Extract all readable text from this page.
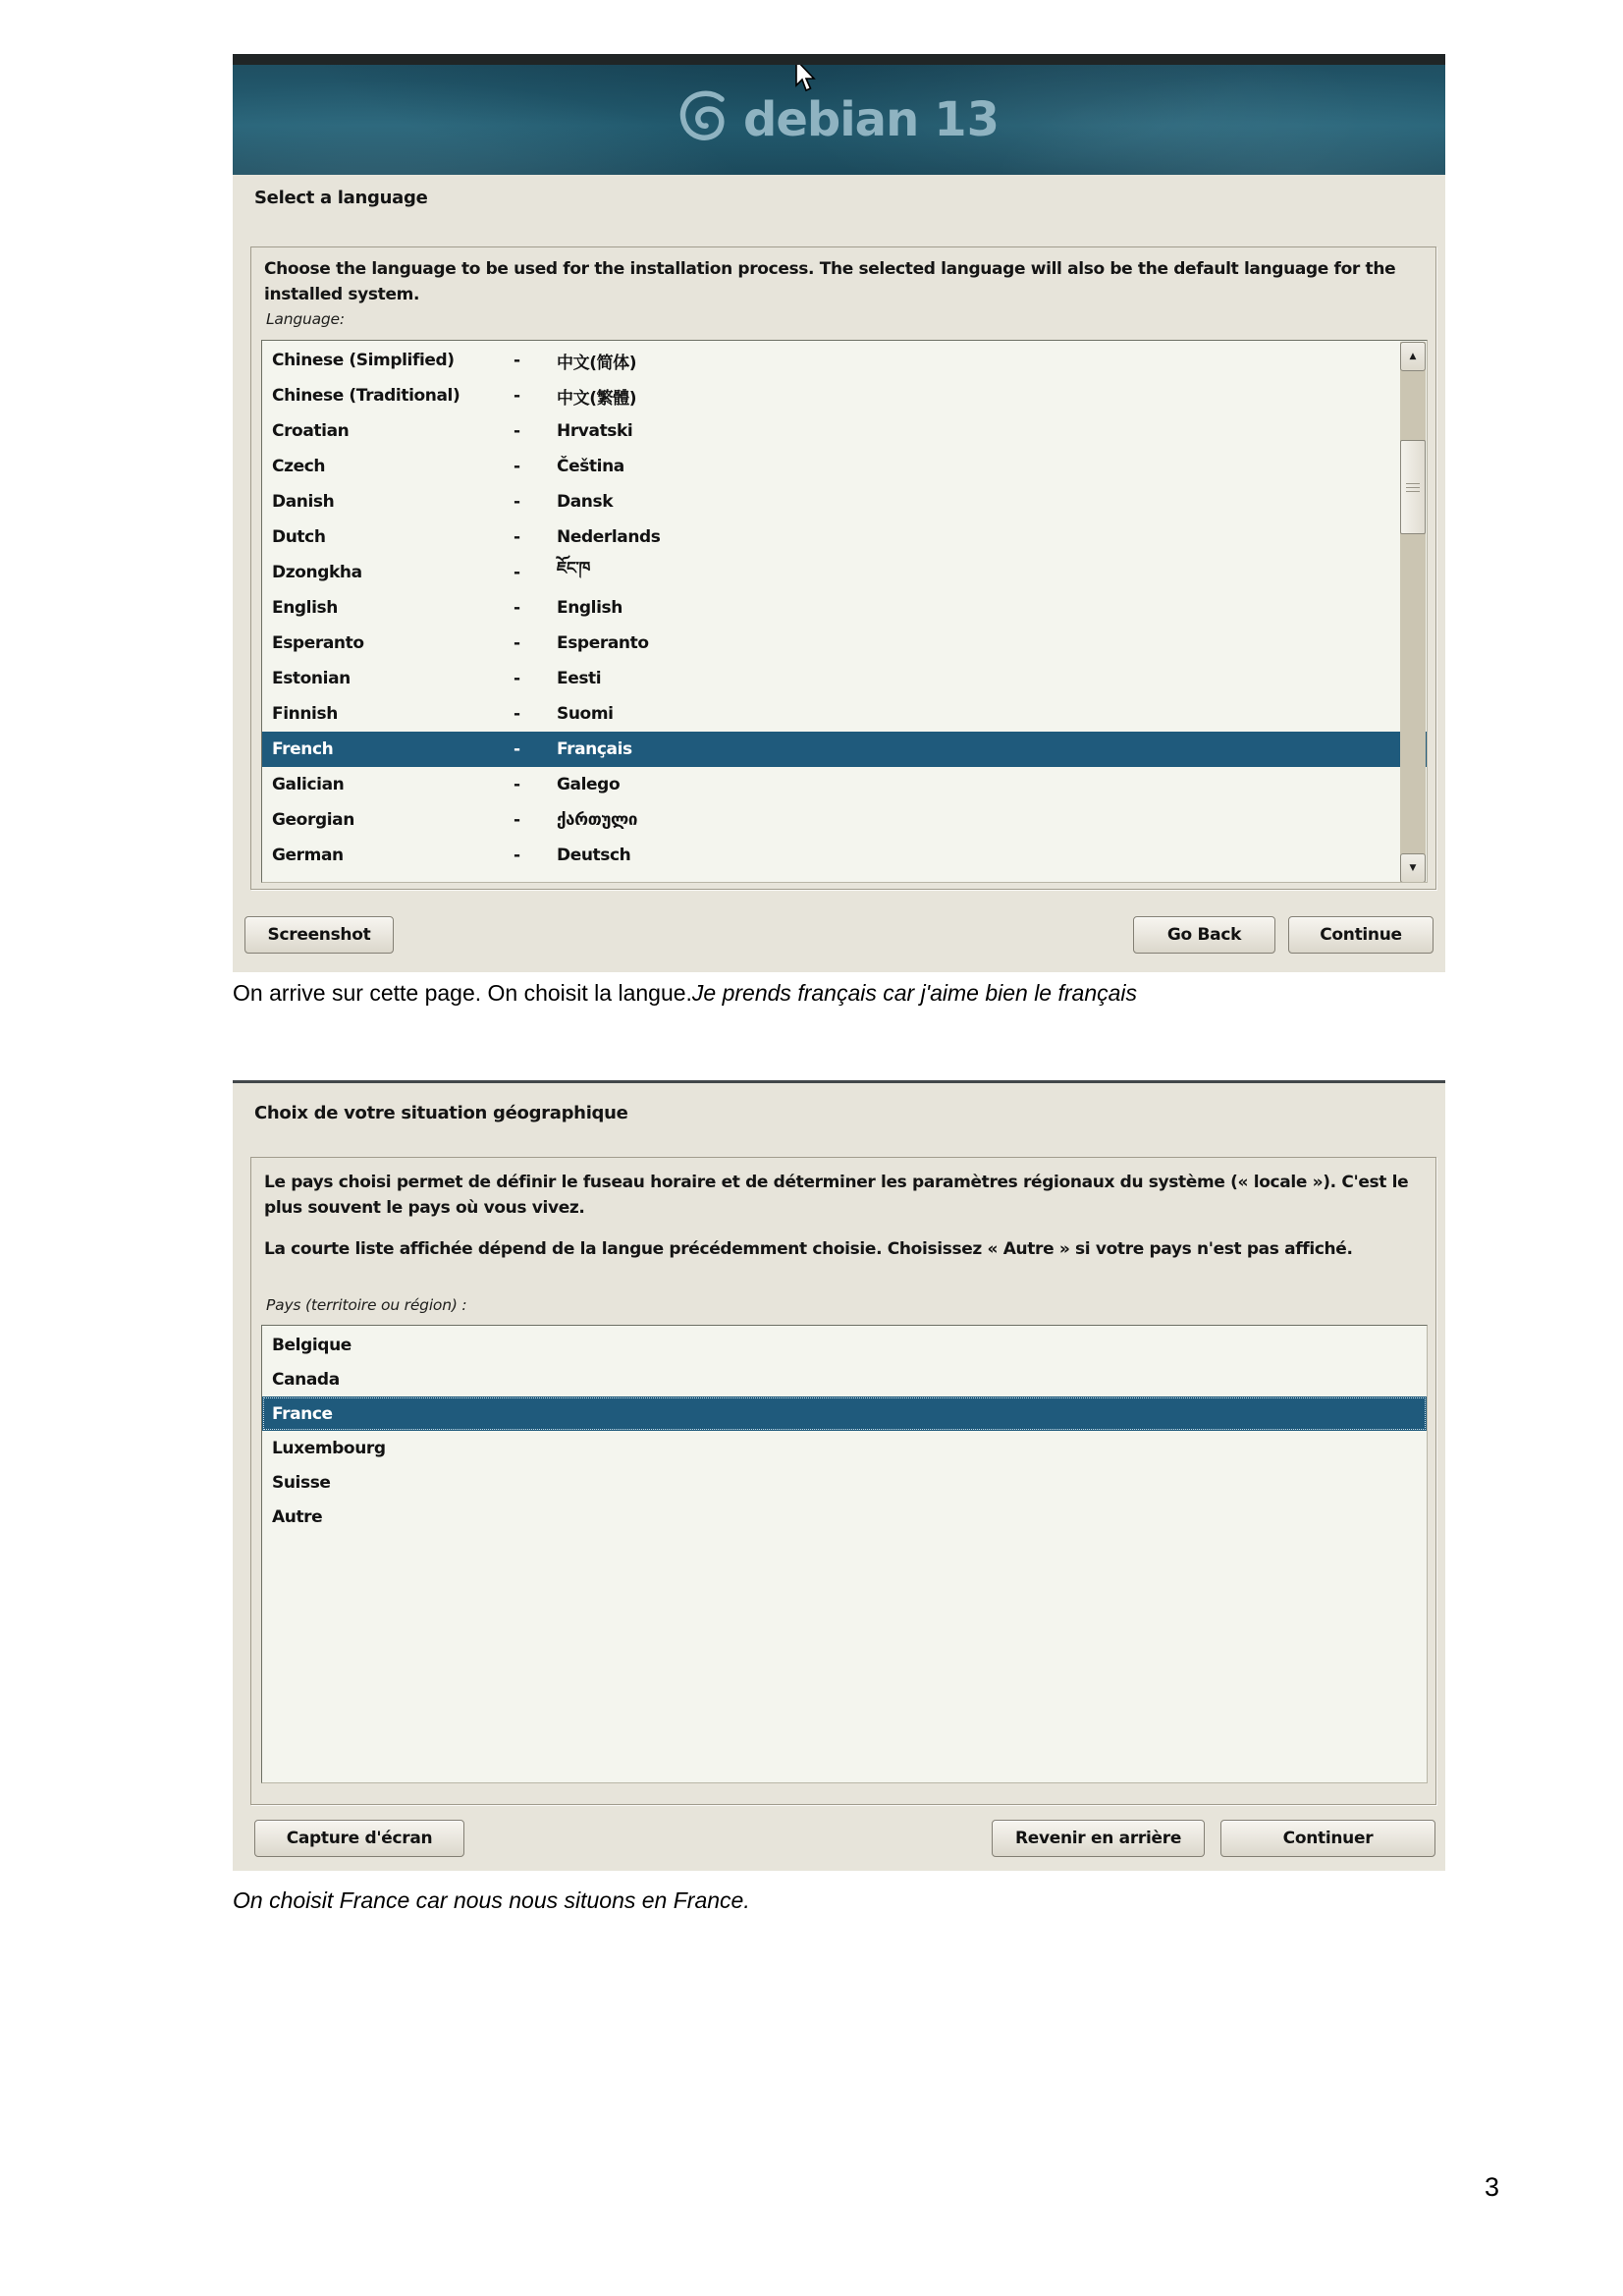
debian 13
Select a language
Choose the language to be used for the installation process. The selected language will also be the default language for the installed system.
Language:
Chinese (Simplified)	-	中文(简体)
Chinese (Traditional)	-	中文(繁體)
Croatian	-	Hrvatski
Czech	-	Čeština
Danish	-	Dansk
Dutch	-	Nederlands
Dzongkha	-	ཇོང་ཁ
English	-	English
Esperanto	-	Esperanto
Estonian	-	Eesti
Finnish	-	Suomi
French	-	Français
Galician	-	Galego
Georgian	-	ქართული
German	-	Deutsch
▲
▼
Screenshot	Go Back	Continue
On arrive sur cette page. On choisit la langue.Je prends français car j'aime bien le français
Choix de votre situation géographique
Le pays choisi permet de définir le fuseau horaire et de déterminer les paramètres régionaux du système (« locale »). C'est le plus souvent le pays où vous vivez.
La courte liste affichée dépend de la langue précédemment choisie. Choisissez « Autre » si votre pays n'est pas affiché.
Pays (territoire ou région) :
Belgique
Canada
France
Luxembourg
Suisse
Autre
Capture d'écran	Revenir en arrière	Continuer
On choisit France car nous nous situons en France.
3
